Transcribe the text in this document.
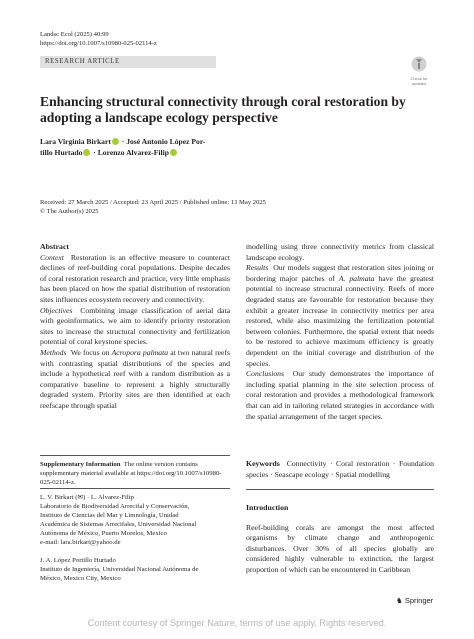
Landsc Ecol (2025) 40:99
https://doi.org/10.1007/s10980-025-02114-z
RESEARCH ARTICLE
Check for
updates
Enhancing structural connectivity through coral restoration by adopting a landscape ecology perspective
Lara Virginia Birkart · José Antonio López Por-
tillo Hurtado · Lorenzo Alvarez-Filip
Received: 27 March 2025 / Accepted: 23 April 2025 / Published online: 13 May 2025
© The Author(s) 2025
Abstract
Context Restoration is an effective measure to counteract declines of reef-building coral populations. Despite decades of coral restoration research and practice, very little emphasis has been placed on how the spatial distribution of restoration sites influences ecosystem recovery and connectivity.
Objectives Combining image classification of aerial data with geoinformatics, we aim to identify priority restoration sites to increase the structural connectivity and fertilization potential of coral keystone species.
Methods We focus on Acropora palmata at two natural reefs with contrasting spatial distributions of the species and include a hypothetical reef with a random distribution as a comparative baseline to represent a highly structurally degraded system. Priority sites are then identified at each reefscape through spatial
Supplementary Information The online version contains supplementary material available at https://doi.org/10.1007/s10980-025-02114-z.
L. V. Birkart (✉) · L. Alvarez-Filip
Laboratorio de Biodiversidad Arrecifal y Conservación,
Instituto de Ciencias del Mar y Limnología, Unidad
Académica de Sistemas Arrecifales, Universidad Nacional
Autónoma de México, Puerto Morelos, Mexico
e-mail: lara.birkart@yahoo.de
J. A. López Portillo Hurtado
Instituto de Ingeniería, Universidad Nacional Autónoma de
México, Mexico City, Mexico
modelling using three connectivity metrics from classical landscape ecology.
Results Our models suggest that restoration sites joining or bordering major patches of A. palmata have the greatest potential to increase structural connectivity. Reefs of more degraded status are favourable for restoration because they exhibit a greater increase in connectivity metrics per area restored, while also maximizing the fertilization potential between colonies. Furthermore, the spatial extent that needs to be restored to achieve maximum efficiency is greatly dependent on the initial coverage and distribution of the species.
Conclusions Our study demonstrates the importance of including spatial planning in the site selection process of coral restoration and provides a methodological framework that can aid in tailoring related strategies in accordance with the spatial arrangement of the target species.
Keywords Connectivity · Coral restoration · Foundation species · Seascape ecology · Spatial modelling
Introduction
Reef-building corals are amongst the most affected organisms by climate change and anthropogenic disturbances. Over 30% of all species globally are considered highly vulnerable to extinction, the largest proportion of which can be encountered in Caribbean
♞ Springer
Content courtesy of Springer Nature, terms of use apply. Rights reserved.
